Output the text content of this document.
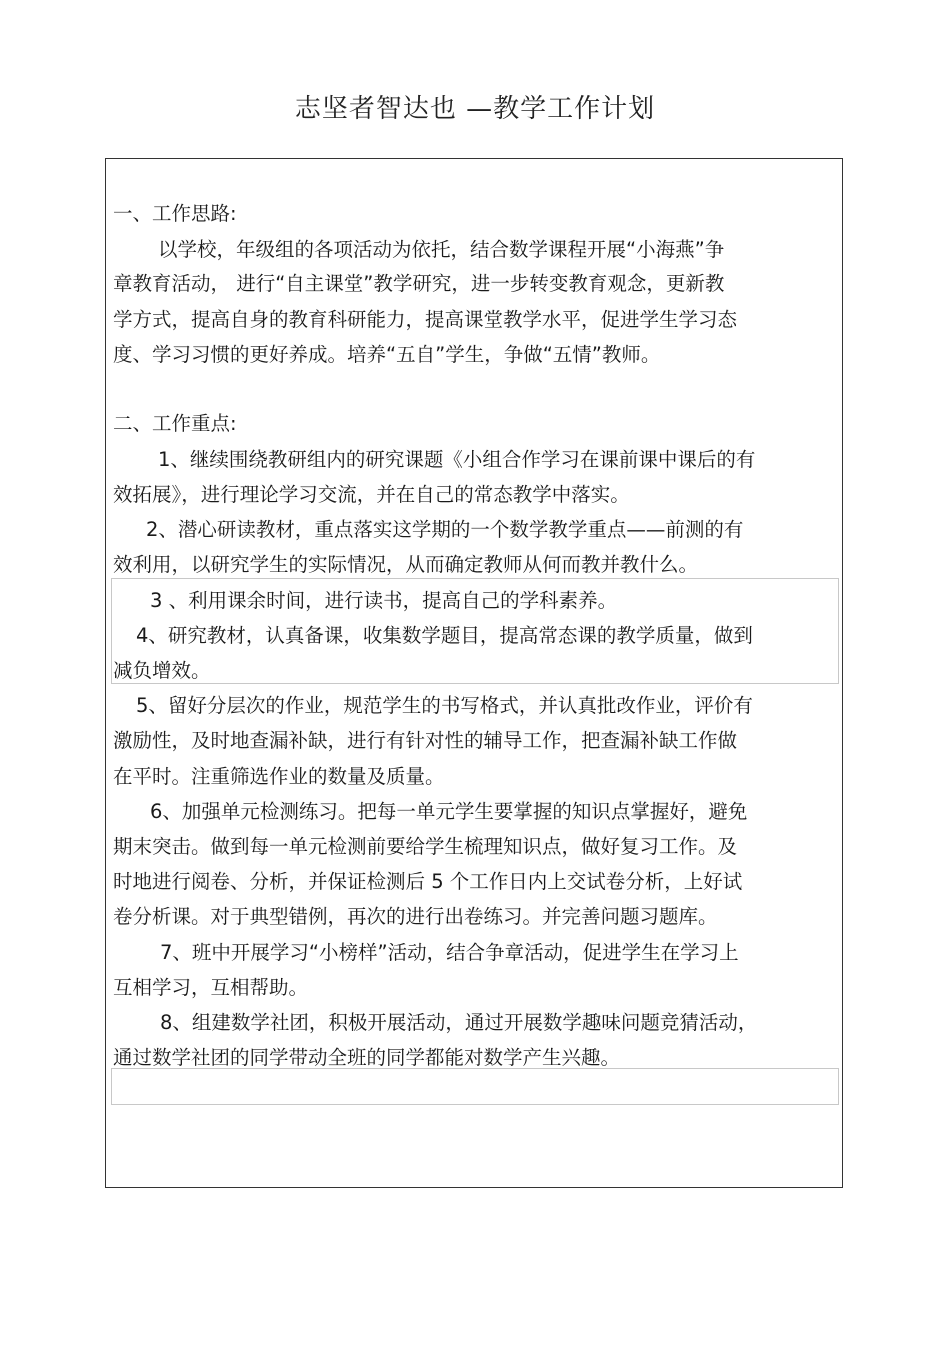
志坚者智达也 —教学工作计划
一、工作思路:
以学校，年级组的各项活动为依托，结合数学课程开展“小海燕”争
章教育活动， 进行“自主课堂”教学研究，进一步转变教育观念，更新教
学方式，提高自身的教育科研能力，提高课堂教学水平，促进学生学习态
度、学习习惯的更好养成。培养“五自”学生，争做“五情”教师。
二、工作重点:
1、继续围绕教研组内的研究课题《小组合作学习在课前课中课后的有
效拓展》，进行理论学习交流，并在自己的常态教学中落实。
2、潜心研读教材，重点落实这学期的一个数学教学重点——前测的有
效利用，以研究学生的实际情况，从而确定教师从何而教并教什么。
3 、利用课余时间，进行读书，提高自己的学科素养。
4、研究教材，认真备课，收集数学题目，提高常态课的教学质量，做到
减负增效。
5、留好分层次的作业，规范学生的书写格式，并认真批改作业，评价有
激励性，及时地查漏补缺，进行有针对性的辅导工作，把查漏补缺工作做
在平时。注重筛选作业的数量及质量。
6、加强单元检测练习。把每一单元学生要掌握的知识点掌握好，避免
期末突击。做到每一单元检测前要给学生梳理知识点，做好复习工作。及
时地进行阅卷、分析，并保证检测后 5 个工作日内上交试卷分析，上好试
卷分析课。对于典型错例，再次的进行出卷练习。并完善问题习题库。
7、班中开展学习“小榜样”活动，结合争章活动，促进学生在学习上
互相学习，互相帮助。
8、组建数学社团，积极开展活动，通过开展数学趣味问题竞猜活动，
通过数学社团的同学带动全班的同学都能对数学产生兴趣。
